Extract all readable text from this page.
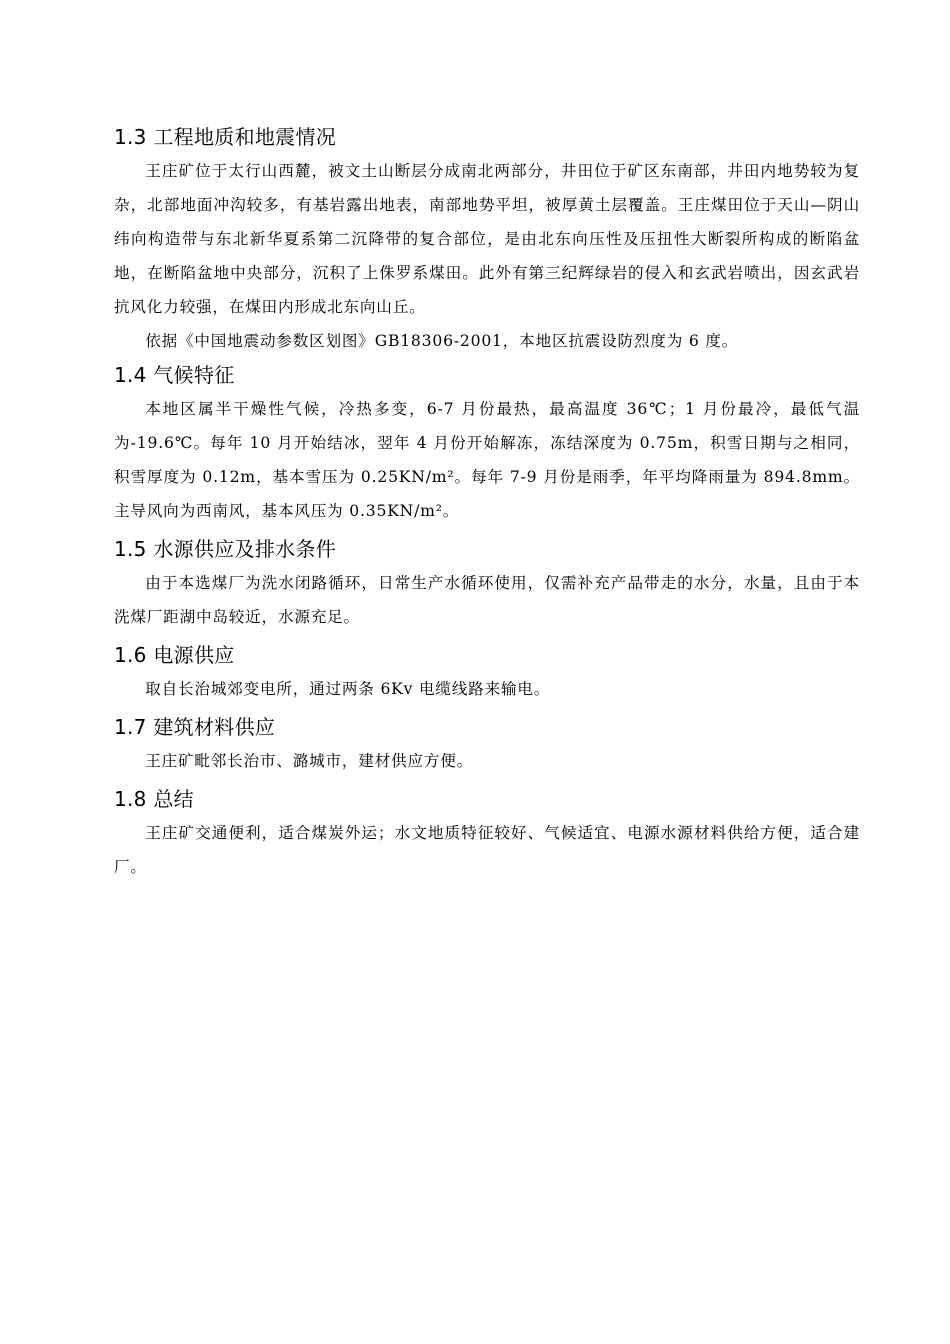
1.3 工程地质和地震情况

王庄矿位于太行山西麓，被文土山断层分成南北两部分，井田位于矿区东南部，井田内地势较为复杂，北部地面冲沟较多，有基岩露出地表，南部地势平坦，被厚黄土层覆盖。王庄煤田位于天山—阴山纬向构造带与东北新华夏系第二沉降带的复合部位，是由北东向压性及压扭性大断裂所构成的断陷盆地，在断陷盆地中央部分，沉积了上侏罗系煤田。此外有第三纪辉绿岩的侵入和玄武岩喷出，因玄武岩抗风化力较强，在煤田内形成北东向山丘。

依据《中国地震动参数区划图》GB18306-2001，本地区抗震设防烈度为 6 度。

1.4 气候特征

本地区属半干燥性气候，冷热多变，6-7 月份最热，最高温度 36℃；1 月份最冷，最低气温为-19.6℃。每年 10 月开始结冰，翌年 4 月份开始解冻，冻结深度为 0.75m，积雪日期与之相同，积雪厚度为 0.12m，基本雪压为 0.25KN/m²。每年 7-9 月份是雨季，年平均降雨量为 894.8mm。主导风向为西南风，基本风压为 0.35KN/m²。

1.5 水源供应及排水条件

由于本选煤厂为洗水闭路循环，日常生产水循环使用，仅需补充产品带走的水分，水量，且由于本洗煤厂距湖中岛较近，水源充足。

1.6 电源供应

取自长治城郊变电所，通过两条 6Kv 电缆线路来输电。

1.7 建筑材料供应

王庄矿毗邻长治市、潞城市，建材供应方便。

1.8 总结

王庄矿交通便利，适合煤炭外运；水文地质特征较好、气候适宜、电源水源材料供给方便，适合建厂。
